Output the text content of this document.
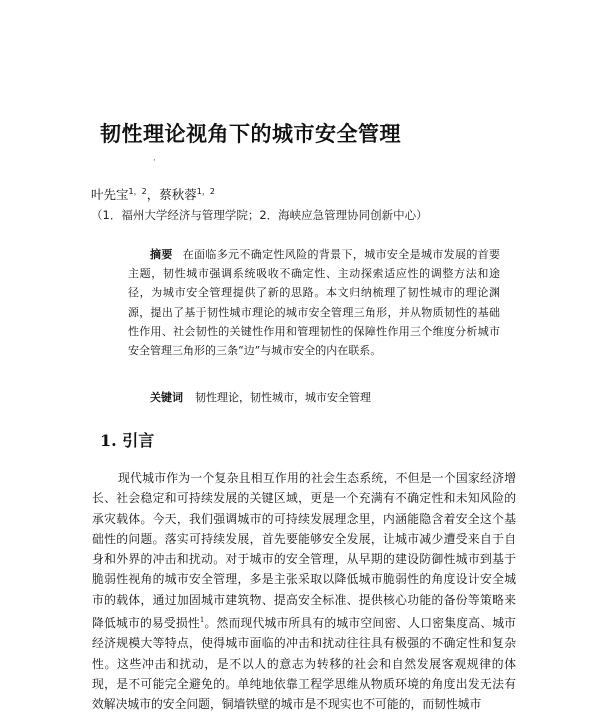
韧性理论视角下的城市安全管理
·
叶先宝$^{1,2}$，蔡秋蓉$^{1,2}$
（1．福州大学经济与管理学院；2．海峡应急管理协同创新中心）

摘要 在面临多元不确定性风险的背景下，城市安全是城市发展的首要主题，韧性城市强调系统吸收不确定性、主动探索适应性的调整方法和途径，为城市安全管理提供了新的思路。本文归纳梳理了韧性城市的理论渊源，提出了基于韧性城市理论的城市安全管理三角形，并从物质韧性的基础性作用、社会韧性的关键性作用和管理韧性的保障性作用三个维度分析城市安全管理三角形的三条“边”与城市安全的内在联系。

关键词 韧性理论，韧性城市，城市安全管理
1. 引言

现代城市作为一个复杂且相互作用的社会生态系统，不但是一个国家经济增长、社会稳定和可持续发展的关键区域，更是一个充满有不确定性和未知风险的承灾载体。今天，我们强调城市的可持续发展理念里，内涵能隐含着安全这个基础性的问题。落实可持续发展，首先要能够安全发展，让城市减少遭受来自于自身和外界的冲击和扰动。对于城市的安全管理，从早期的建设防御性城市到基于脆弱性视角的城市安全管理，多是主张采取以降低城市脆弱性的角度设计安全城市的载体，通过加固城市建筑物、提高安全标准、提供核心功能的备份等策略来降低城市的易受损性$^1$。然而现代城市所具有的城市空间密、人口密集度高、城市经济规模大等特点，使得城市面临的冲击和扰动往往具有极强的不确定性和复杂性。这些冲击和扰动，是不以人的意志为转移的社会和自然发展客观规律的体现，是不可能完全避免的。单纯地依靠工程学思维从物质环境的角度出发无法有效解决城市的安全问题，铜墙铁壁的城市是不现实也不可能的，而韧性城市
